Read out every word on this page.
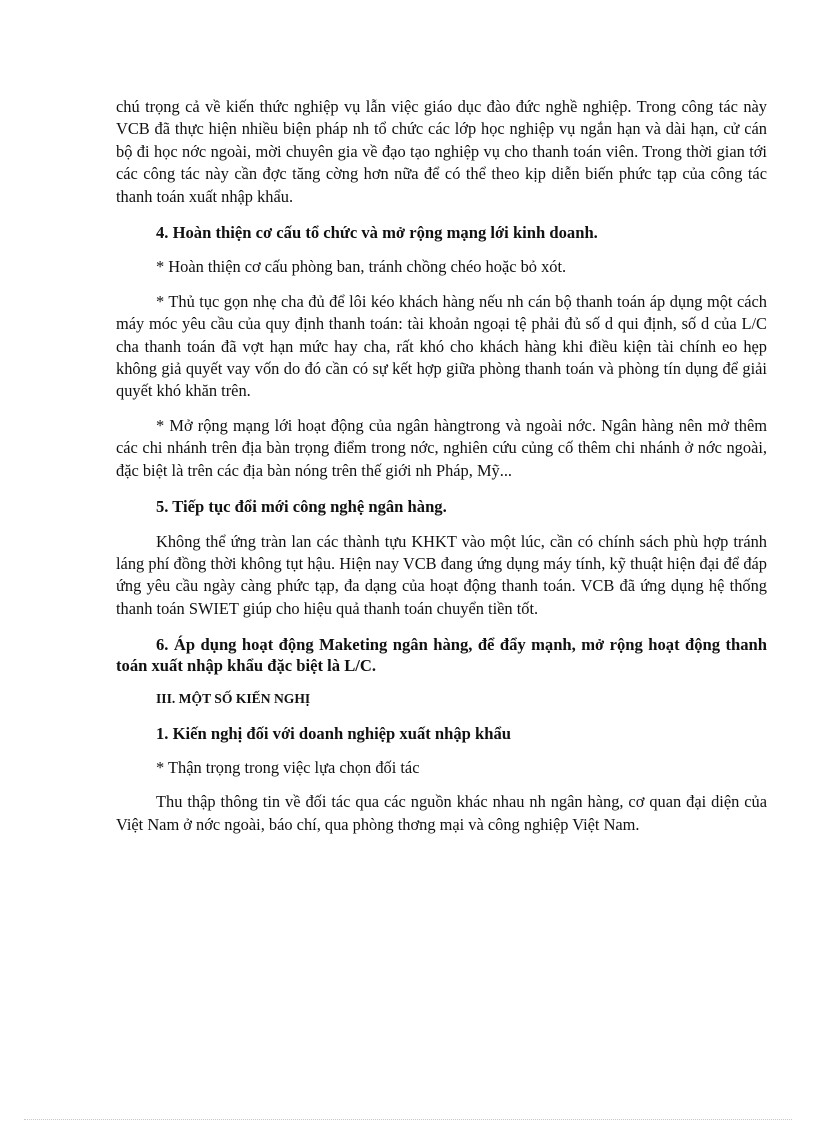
chú trọng cả về kiến thức nghiệp vụ lẫn việc giáo dục đào đức nghề nghiệp. Trong công tác này VCB đã thực hiện nhiều biện pháp nh tổ chức các lớp học nghiệp vụ ngắn hạn và dài hạn, cử cán bộ đi học nớc ngoài, mời chuyên gia về đạo tạo nghiệp vụ cho thanh toán viên. Trong thời gian tới các công tác này cần đợc tăng cờng hơn nữa để có thể theo kịp diễn biến phức tạp của công tác thanh toán xuất nhập khẩu.

4. Hoàn thiện cơ cấu tổ chức và mở rộng mạng lới kinh doanh.

* Hoàn thiện cơ cấu phòng ban, tránh chồng chéo hoặc bỏ xót.

* Thủ tục gọn nhẹ cha đủ để lôi kéo khách hàng nếu nh cán bộ thanh toán áp dụng một cách máy móc yêu cầu của quy định thanh toán: tài khoản ngoại tệ phải đủ số d qui định, số d của L/C cha thanh toán đã vợt hạn mức hay cha, rất khó cho khách hàng khi điều kiện tài chính eo hẹp không giả quyết vay vốn do đó cần có sự kết hợp giữa phòng thanh toán và phòng tín dụng để giải quyết khó khăn trên.

* Mở rộng mạng lới hoạt động của ngân hàngtrong và ngoài nớc. Ngân hàng nên mở thêm các chi nhánh trên địa bàn trọng điểm trong nớc, nghiên cứu củng cố thêm chi nhánh ở nớc ngoài, đặc biệt là trên các địa bàn nóng trên thế giới nh Pháp, Mỹ...

5. Tiếp tục đổi mới công nghệ ngân hàng.

Không thể ứng tràn lan các thành tựu KHKT vào một lúc, cần có chính sách phù hợp tránh láng phí đồng thời không tụt hậu. Hiện nay VCB đang ứng dụng máy tính, kỹ thuật hiện đại để đáp ứng yêu cầu ngày càng phức tạp, đa dạng của hoạt động thanh toán. VCB đã ứng dụng hệ thống thanh toán SWIET giúp cho hiệu quả thanh toán chuyển tiền tốt.

6. Áp dụng hoạt động Maketing ngân hàng, để đẩy mạnh, mở rộng hoạt động thanh toán xuất nhập khẩu đặc biệt là L/C.

III. MỘT SỐ KIẾN NGHỊ

1. Kiến nghị đối với doanh nghiệp xuất nhập khẩu

* Thận trọng trong việc lựa chọn đối tác

Thu thập thông tin về đối tác qua các nguồn khác nhau nh ngân hàng, cơ quan đại diện của Việt Nam ở nớc ngoài, báo chí, qua phòng thơng mại và công nghiệp Việt Nam.
